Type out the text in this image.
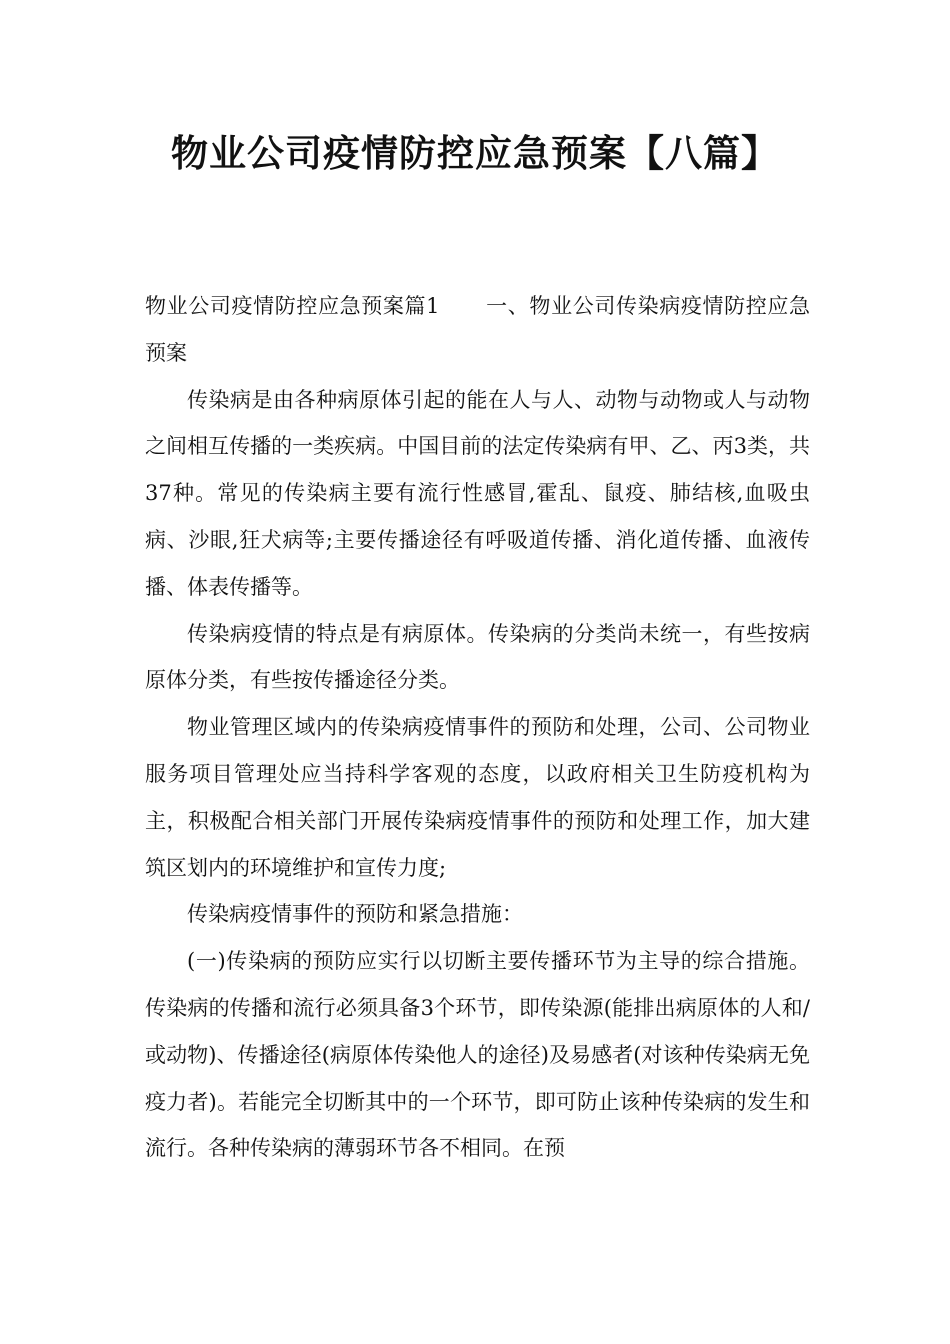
物业公司疫情防控应急预案【八篇】

物业公司疫情防控应急预案篇1 一、物业公司传染病疫情防控应急预案

传染病是由各种病原体引起的能在人与人、动物与动物或人与动物之间相互传播的一类疾病。中国目前的法定传染病有甲、乙、丙3类，共37种。常见的传染病主要有流行性感冒,霍乱、鼠疫、肺结核,血吸虫病、沙眼,狂犬病等;主要传播途径有呼吸道传播、消化道传播、血液传播、体表传播等。

传染病疫情的特点是有病原体。传染病的分类尚未统一，有些按病原体分类，有些按传播途径分类。

物业管理区域内的传染病疫情事件的预防和处理，公司、公司物业服务项目管理处应当持科学客观的态度，以政府相关卫生防疫机构为主，积极配合相关部门开展传染病疫情事件的预防和处理工作，加大建筑区划内的环境维护和宣传力度;

传染病疫情事件的预防和紧急措施：

(一)传染病的预防应实行以切断主要传播环节为主导的综合措施。传染病的传播和流行必须具备3个环节，即传染源(能排出病原体的人和/或动物)、传播途径(病原体传染他人的途径)及易感者(对该种传染病无免疫力者)。若能完全切断其中的一个环节，即可防止该种传染病的发生和流行。各种传染病的薄弱环节各不相同。在预
